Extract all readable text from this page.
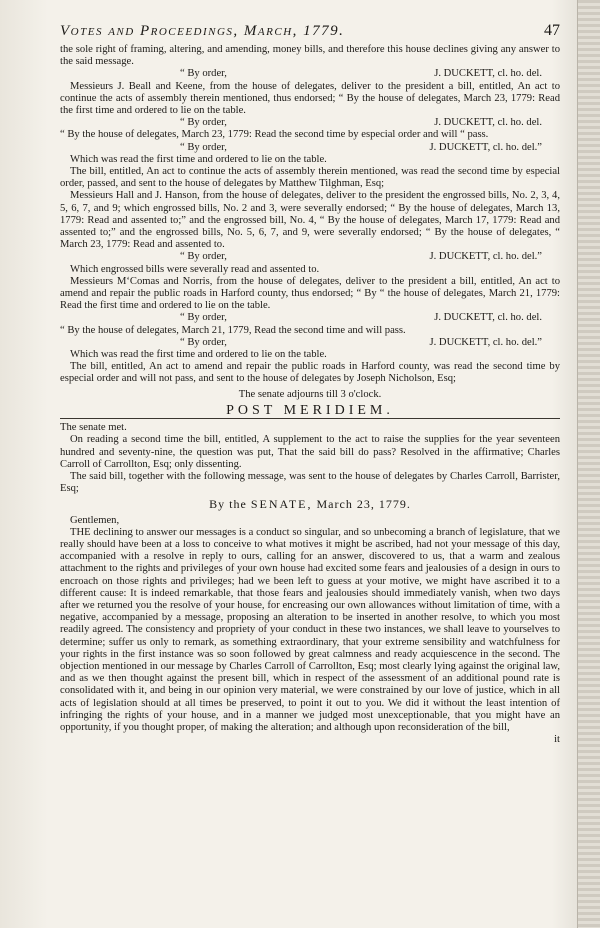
Votes and Proceedings, March, 1779.	47

the sole right of framing, altering, and amending, money bills, and therefore this house declines giving any answer to the said message.

“ By order,	J. DUCKETT, cl. ho. del.

Messieurs J. Beall and Keene, from the house of delegates, deliver to the president a bill, entitled, An act to continue the acts of assembly therein mentioned, thus endorsed; “ By the house of delegates, March 23, 1779: Read the first time and ordered to lie on the table.

“ By order,	J. DUCKETT, cl. ho. del.

“ By the house of delegates, March 23, 1779: Read the second time by especial order and will “ pass.

“ By order,	J. DUCKETT, cl. ho. del.”

Which was read the first time and ordered to lie on the table.

The bill, entitled, An act to continue the acts of assembly therein mentioned, was read the second time by especial order, passed, and sent to the house of delegates by Matthew Tilghman, Esq;

Messieurs Hall and J. Hanson, from the house of delegates, deliver to the president the engrossed bills, No. 2, 3, 4, 5, 6, 7, and 9; which engrossed bills, No. 2 and 3, were severally endorsed; “ By the house of delegates, March 13, 1779: Read and assented to;” and the engrossed bill, No. 4, “ By the house of delegates, March 17, 1779: Read and assented to;” and the engrossed bills, No. 5, 6, 7, and 9, were severally endorsed; “ By the house of delegates, “ March 23, 1779: Read and assented to.

“ By order,	J. DUCKETT, cl. ho. del.”

Which engrossed bills were severally read and assented to.

Messieurs M‘Comas and Norris, from the house of delegates, deliver to the president a bill, entitled, An act to amend and repair the public roads in Harford county, thus endorsed; “ By “ the house of delegates, March 21, 1779: Read the first time and ordered to lie on the table.

“ By order,	J. DUCKETT, cl. ho. del.

“ By the house of delegates, March 21, 1779, Read the second time and will pass.

“ By order,	J. DUCKETT, cl. ho. del.”

Which was read the first time and ordered to lie on the table.

The bill, entitled, An act to amend and repair the public roads in Harford county, was read the second time by especial order and will not pass, and sent to the house of delegates by Joseph Nicholson, Esq;

The senate adjourns till 3 o'clock.
POST MERIDIEM.

The senate met.

On reading a second time the bill, entitled, A supplement to the act to raise the supplies for the year seventeen hundred and seventy-nine, the question was put, That the said bill do pass? Resolved in the affirmative; Charles Carroll of Carrollton, Esq; only dissenting.

The said bill, together with the following message, was sent to the house of delegates by Charles Carroll, Barrister, Esq;

By the SENATE, March 23, 1779.

Gentlemen,

THE declining to answer our messages is a conduct so singular, and so unbecoming a branch of legislature, that we really should have been at a loss to conceive to what motives it might be ascribed, had not your message of this day, accompanied with a resolve in reply to ours, calling for an answer, discovered to us, that a warm and zealous attachment to the rights and privileges of your own house had excited some fears and jealousies of a design in ours to encroach on those rights and privileges; had we been left to guess at your motive, we might have ascribed it to a different cause: It is indeed remarkable, that those fears and jealousies should immediately vanish, when two days after we returned you the resolve of your house, for encreasing our own allowances without limitation of time, with a negative, accompanied by a message, proposing an alteration to be inserted in another resolve, to which you most readily agreed. The consistency and propriety of your conduct in these two instances, we shall leave to yourselves to determine; suffer us only to remark, as something extraordinary, that your extreme sensibility and watchfulness for your rights in the first instance was so soon followed by great calmness and ready acquiescence in the second. The objection mentioned in our message by Charles Carroll of Carrollton, Esq; most clearly lying against the original law, and as we then thought against the present bill, which in respect of the assessment of an additional pound rate is consolidated with it, and being in our opinion very material, we were constrained by our love of justice, which in all acts of legislation should at all times be preserved, to point it out to you. We did it without the least intention of infringing the rights of your house, and in a manner we judged most unexceptionable, that you might have an opportunity, if you thought proper, of making the alteration; and although upon reconsideration of the bill,

it
